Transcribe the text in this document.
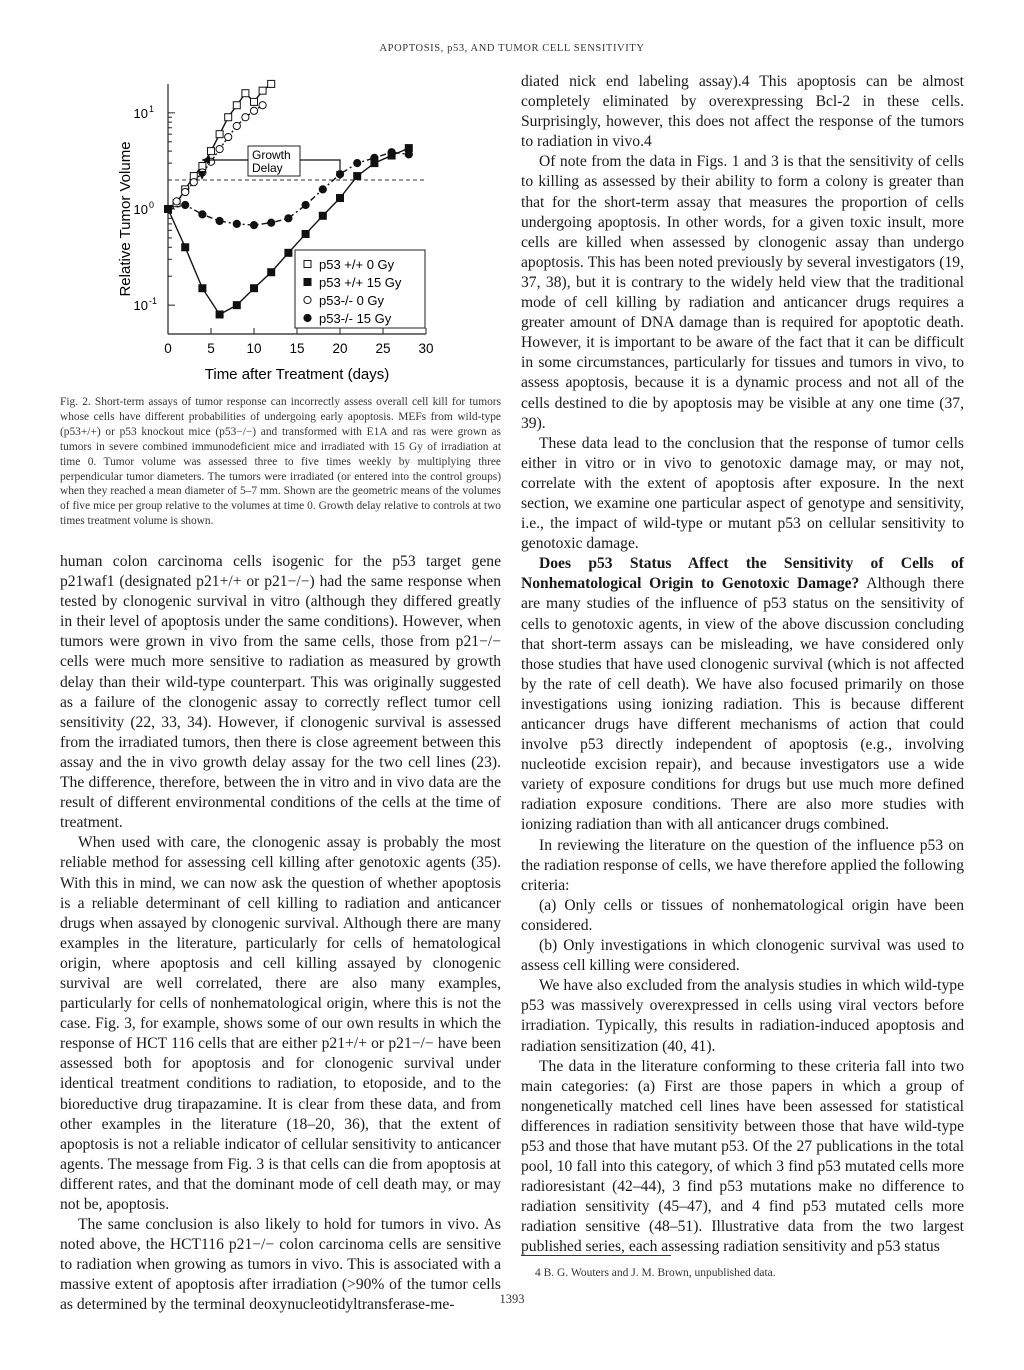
APOPTOSIS, p53, AND TUMOR CELL SENSITIVITY
10 1
10 0
10 -1
0	5 10 15 20 25 30
Time after Treatment (days)
Relative Tumor Volume	Growth
Delay
p53 +/+ 0 Gy
p53 +/+ 15 Gy
p53-/- 0 Gy
p53-/- 15 Gy
Fig. 2. Short-term assays of tumor response can incorrectly assess overall cell kill for tumors whose cells have different probabilities of undergoing early apoptosis. MEFs from wild-type (p53+/+) or p53 knockout mice (p53−/−) and transformed with E1A and ras were grown as tumors in severe combined immunodeficient mice and irradiated with 15 Gy of irradiation at time 0. Tumor volume was assessed three to five times weekly by multiplying three perpendicular tumor diameters. The tumors were irradiated (or entered into the control groups) when they reached a mean diameter of 5–7 mm. Shown are the geometric means of the volumes of five mice per group relative to the volumes at time 0. Growth delay relative to controls at two times treatment volume is shown.

human colon carcinoma cells isogenic for the p53 target gene p21waf1 (designated p21+/+ or p21−/−) had the same response when tested by clonogenic survival in vitro (although they differed greatly in their level of apoptosis under the same conditions). However, when tumors were grown in vivo from the same cells, those from p21−/− cells were much more sensitive to radiation as measured by growth delay than their wild-type counterpart. This was originally suggested as a failure of the clonogenic assay to correctly reflect tumor cell sensitivity (22, 33, 34). However, if clonogenic survival is assessed from the irradiated tumors, then there is close agreement between this assay and the in vivo growth delay assay for the two cell lines (23). The difference, therefore, between the in vitro and in vivo data are the result of different environmental conditions of the cells at the time of treatment.

When used with care, the clonogenic assay is probably the most reliable method for assessing cell killing after genotoxic agents (35). With this in mind, we can now ask the question of whether apoptosis is a reliable determinant of cell killing to radiation and anticancer drugs when assayed by clonogenic survival. Although there are many examples in the literature, particularly for cells of hematological origin, where apoptosis and cell killing assayed by clonogenic survival are well correlated, there are also many examples, particularly for cells of nonhematological origin, where this is not the case. Fig. 3, for example, shows some of our own results in which the response of HCT 116 cells that are either p21+/+ or p21−/− have been assessed both for apoptosis and for clonogenic survival under identical treatment conditions to radiation, to etoposide, and to the bioreductive drug tirapazamine. It is clear from these data, and from other examples in the literature (18–20, 36), that the extent of apoptosis is not a reliable indicator of cellular sensitivity to anticancer agents. The message from Fig. 3 is that cells can die from apoptosis at different rates, and that the dominant mode of cell death may, or may not be, apoptosis.

The same conclusion is also likely to hold for tumors in vivo. As noted above, the HCT116 p21−/− colon carcinoma cells are sensitive to radiation when growing as tumors in vivo. This is associated with a massive extent of apoptosis after irradiation (>90% of the tumor cells as determined by the terminal deoxynucleotidyltransferase-me-

diated nick end labeling assay).4 This apoptosis can be almost completely eliminated by overexpressing Bcl-2 in these cells. Surprisingly, however, this does not affect the response of the tumors to radiation in vivo.4

Of note from the data in Figs. 1 and 3 is that the sensitivity of cells to killing as assessed by their ability to form a colony is greater than that for the short-term assay that measures the proportion of cells undergoing apoptosis. In other words, for a given toxic insult, more cells are killed when assessed by clonogenic assay than undergo apoptosis. This has been noted previously by several investigators (19, 37, 38), but it is contrary to the widely held view that the traditional mode of cell killing by radiation and anticancer drugs requires a greater amount of DNA damage than is required for apoptotic death. However, it is important to be aware of the fact that it can be difficult in some circumstances, particularly for tissues and tumors in vivo, to assess apoptosis, because it is a dynamic process and not all of the cells destined to die by apoptosis may be visible at any one time (37, 39).

These data lead to the conclusion that the response of tumor cells either in vitro or in vivo to genotoxic damage may, or may not, correlate with the extent of apoptosis after exposure. In the next section, we examine one particular aspect of genotype and sensitivity, i.e., the impact of wild-type or mutant p53 on cellular sensitivity to genotoxic damage.

Does p53 Status Affect the Sensitivity of Cells of Nonhematological Origin to Genotoxic Damage? Although there are many studies of the influence of p53 status on the sensitivity of cells to genotoxic agents, in view of the above discussion concluding that short-term assays can be misleading, we have considered only those studies that have used clonogenic survival (which is not affected by the rate of cell death). We have also focused primarily on those investigations using ionizing radiation. This is because different anticancer drugs have different mechanisms of action that could involve p53 directly independent of apoptosis (e.g., involving nucleotide excision repair), and because investigators use a wide variety of exposure conditions for drugs but use much more defined radiation exposure conditions. There are also more studies with ionizing radiation than with all anticancer drugs combined.

In reviewing the literature on the question of the influence p53 on the radiation response of cells, we have therefore applied the following criteria:

(a) Only cells or tissues of nonhematological origin have been considered.

(b) Only investigations in which clonogenic survival was used to assess cell killing were considered.

We have also excluded from the analysis studies in which wild-type p53 was massively overexpressed in cells using viral vectors before irradiation. Typically, this results in radiation-induced apoptosis and radiation sensitization (40, 41).

The data in the literature conforming to these criteria fall into two main categories: (a) First are those papers in which a group of nongenetically matched cell lines have been assessed for statistical differences in radiation sensitivity between those that have wild-type p53 and those that have mutant p53. Of the 27 publications in the total pool, 10 fall into this category, of which 3 find p53 mutated cells more radioresistant (42–44), 3 find p53 mutations make no difference to radiation sensitivity (45–47), and 4 find p53 mutated cells more radiation sensitive (48–51). Illustrative data from the two largest published series, each assessing radiation sensitivity and p53 status

4 B. G. Wouters and J. M. Brown, unpublished data.
1393
